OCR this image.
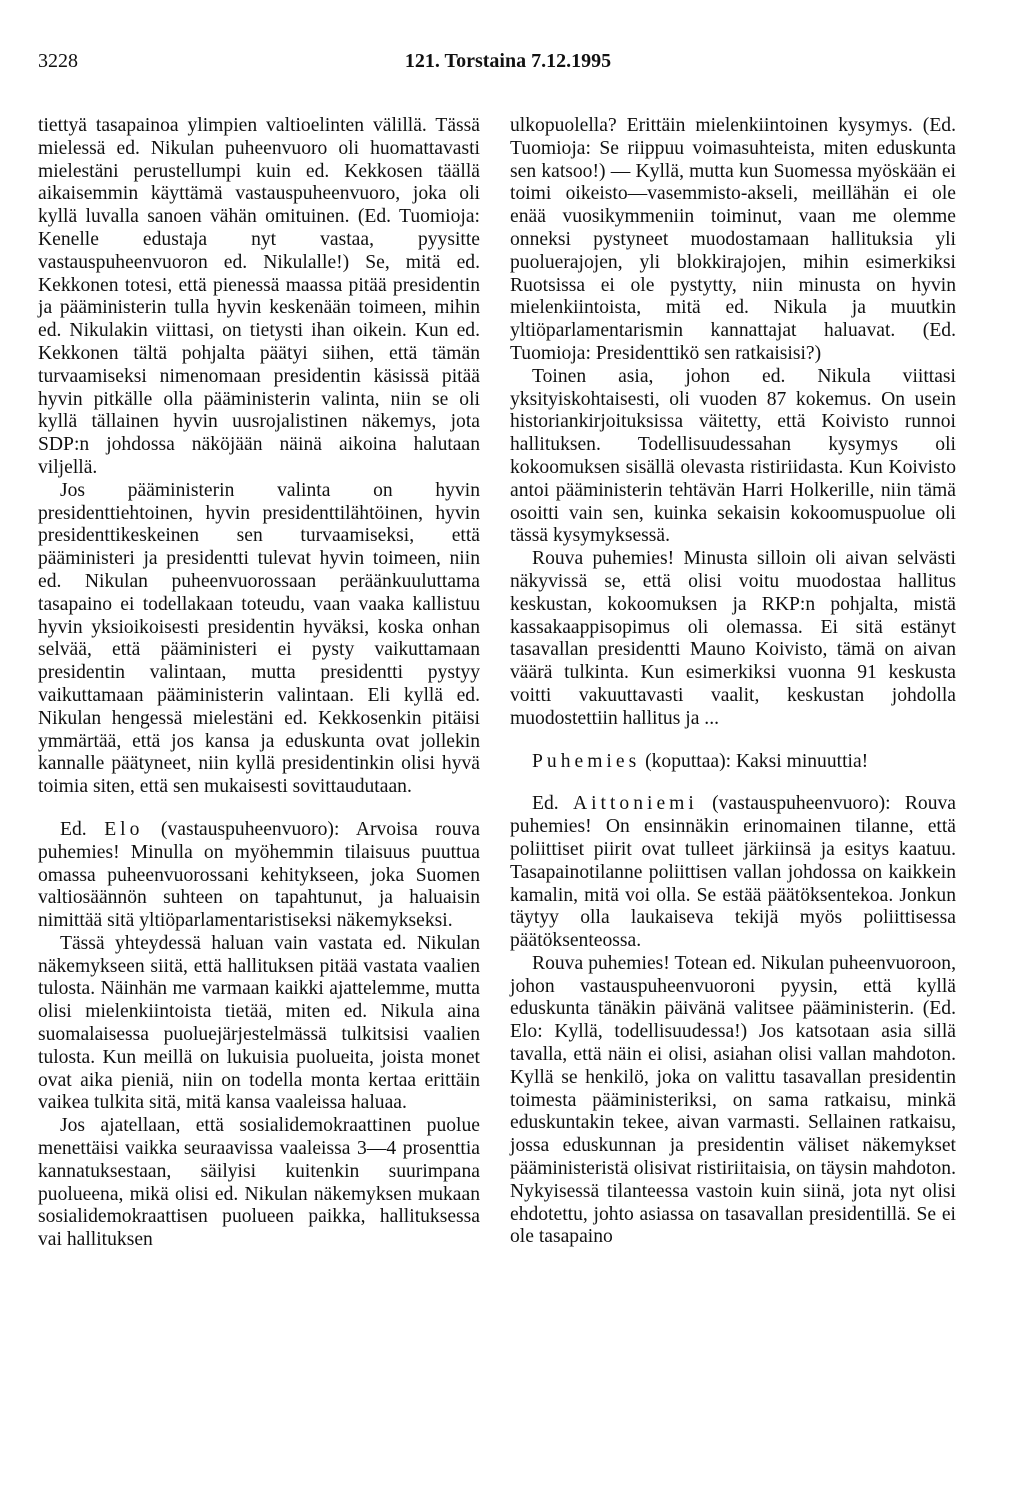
3228	121. Torstaina 7.12.1995

tiettyä tasapainoa ylimpien valtioelinten välillä. Tässä mielessä ed. Nikulan puheenvuoro oli huomattavasti mielestäni perustellumpi kuin ed. Kekkosen täällä aikaisemmin käyttämä vastauspuheenvuoro, joka oli kyllä luvalla sanoen vähän omituinen. (Ed. Tuomioja: Kenelle edustaja nyt vastaa, pyysitte vastauspuheenvuoron ed. Nikulalle!) Se, mitä ed. Kekkonen totesi, että pienessä maassa pitää presidentin ja pääministerin tulla hyvin keskenään toimeen, mihin ed. Nikulakin viittasi, on tietysti ihan oikein. Kun ed. Kekkonen tältä pohjalta päätyi siihen, että tämän turvaamiseksi nimenomaan presidentin käsissä pitää hyvin pitkälle olla pääministerin valinta, niin se oli kyllä tällainen hyvin uusrojalistinen näkemys, jota SDP:n johdossa näköjään näinä aikoina halutaan viljellä.

Jos pääministerin valinta on hyvin presidenttiehtoinen, hyvin presidenttilähtöinen, hyvin presidenttikeskeinen sen turvaamiseksi, että pääministeri ja presidentti tulevat hyvin toimeen, niin ed. Nikulan puheenvuorossaan peräänkuuluttama tasapaino ei todellakaan toteudu, vaan vaaka kallistuu hyvin yksioikoisesti presidentin hyväksi, koska onhan selvää, että pääministeri ei pysty vaikuttamaan presidentin valintaan, mutta presidentti pystyy vaikuttamaan pääministerin valintaan. Eli kyllä ed. Nikulan hengessä mielestäni ed. Kekkosenkin pitäisi ymmärtää, että jos kansa ja eduskunta ovat jollekin kannalle päätyneet, niin kyllä presidentinkin olisi hyvä toimia siten, että sen mukaisesti sovittaudutaan.

Ed. Elo (vastauspuheenvuoro): Arvoisa rouva puhemies! Minulla on myöhemmin tilaisuus puuttua omassa puheenvuorossani kehitykseen, joka Suomen valtiosäännön suhteen on tapahtunut, ja haluaisin nimittää sitä yltiöparlamentaristiseksi näkemykseksi.

Tässä yhteydessä haluan vain vastata ed. Nikulan näkemykseen siitä, että hallituksen pitää vastata vaalien tulosta. Näinhän me varmaan kaikki ajattelemme, mutta olisi mielenkiintoista tietää, miten ed. Nikula aina suomalaisessa puoluejärjestelmässä tulkitsisi vaalien tulosta. Kun meillä on lukuisia puolueita, joista monet ovat aika pieniä, niin on todella monta kertaa erittäin vaikea tulkita sitä, mitä kansa vaaleissa haluaa.

Jos ajatellaan, että sosialidemokraattinen puolue menettäisi vaikka seuraavissa vaaleissa 3—4 prosenttia kannatuksestaan, säilyisi kuitenkin suurimpana puolueena, mikä olisi ed. Nikulan näkemyksen mukaan sosialidemokraattisen puolueen paikka, hallituksessa vai hallituksen

ulkopuolella? Erittäin mielenkiintoinen kysymys. (Ed. Tuomioja: Se riippuu voimasuhteista, miten eduskunta sen katsoo!) — Kyllä, mutta kun Suomessa myöskään ei toimi oikeisto—vasemmisto-akseli, meillähän ei ole enää vuosikymmeniin toiminut, vaan me olemme onneksi pystyneet muodostamaan hallituksia yli puoluerajojen, yli blokkirajojen, mihin esimerkiksi Ruotsissa ei ole pystytty, niin minusta on hyvin mielenkiintoista, mitä ed. Nikula ja muutkin yltiöparlamentarismin kannattajat haluavat. (Ed. Tuomioja: Presidenttikö sen ratkaisisi?)

Toinen asia, johon ed. Nikula viittasi yksityiskohtaisesti, oli vuoden 87 kokemus. On usein historiankirjoituksissa väitetty, että Koivisto runnoi hallituksen. Todellisuudessahan kysymys oli kokoomuksen sisällä olevasta ristiriidasta. Kun Koivisto antoi pääministerin tehtävän Harri Holkerille, niin tämä osoitti vain sen, kuinka sekaisin kokoomuspuolue oli tässä kysymyksessä.

Rouva puhemies! Minusta silloin oli aivan selvästi näkyvissä se, että olisi voitu muodostaa hallitus keskustan, kokoomuksen ja RKP:n pohjalta, mistä kassakaappisopimus oli olemassa. Ei sitä estänyt tasavallan presidentti Mauno Koivisto, tämä on aivan väärä tulkinta. Kun esimerkiksi vuonna 91 keskusta voitti vakuuttavasti vaalit, keskustan johdolla muodostettiin hallitus ja ...

Puhemies (koputtaa): Kaksi minuuttia!

Ed. Aittoniemi (vastauspuheenvuoro): Rouva puhemies! On ensinnäkin erinomainen tilanne, että poliittiset piirit ovat tulleet järkiinsä ja esitys kaatuu. Tasapainotilanne poliittisen vallan johdossa on kaikkein kamalin, mitä voi olla. Se estää päätöksentekoa. Jonkun täytyy olla laukaiseva tekijä myös poliittisessa päätöksenteossa.

Rouva puhemies! Totean ed. Nikulan puheenvuoroon, johon vastauspuheenvuoroni pyysin, että kyllä eduskunta tänäkin päivänä valitsee pääministerin. (Ed. Elo: Kyllä, todellisuudessa!) Jos katsotaan asia sillä tavalla, että näin ei olisi, asiahan olisi vallan mahdoton. Kyllä se henkilö, joka on valittu tasavallan presidentin toimesta pääministeriksi, on sama ratkaisu, minkä eduskuntakin tekee, aivan varmasti. Sellainen ratkaisu, jossa eduskunnan ja presidentin väliset näkemykset pääministeristä olisivat ristiriitaisia, on täysin mahdoton. Nykyisessä tilanteessa vastoin kuin siinä, jota nyt olisi ehdotettu, johto asiassa on tasavallan presidentillä. Se ei ole tasapaino
